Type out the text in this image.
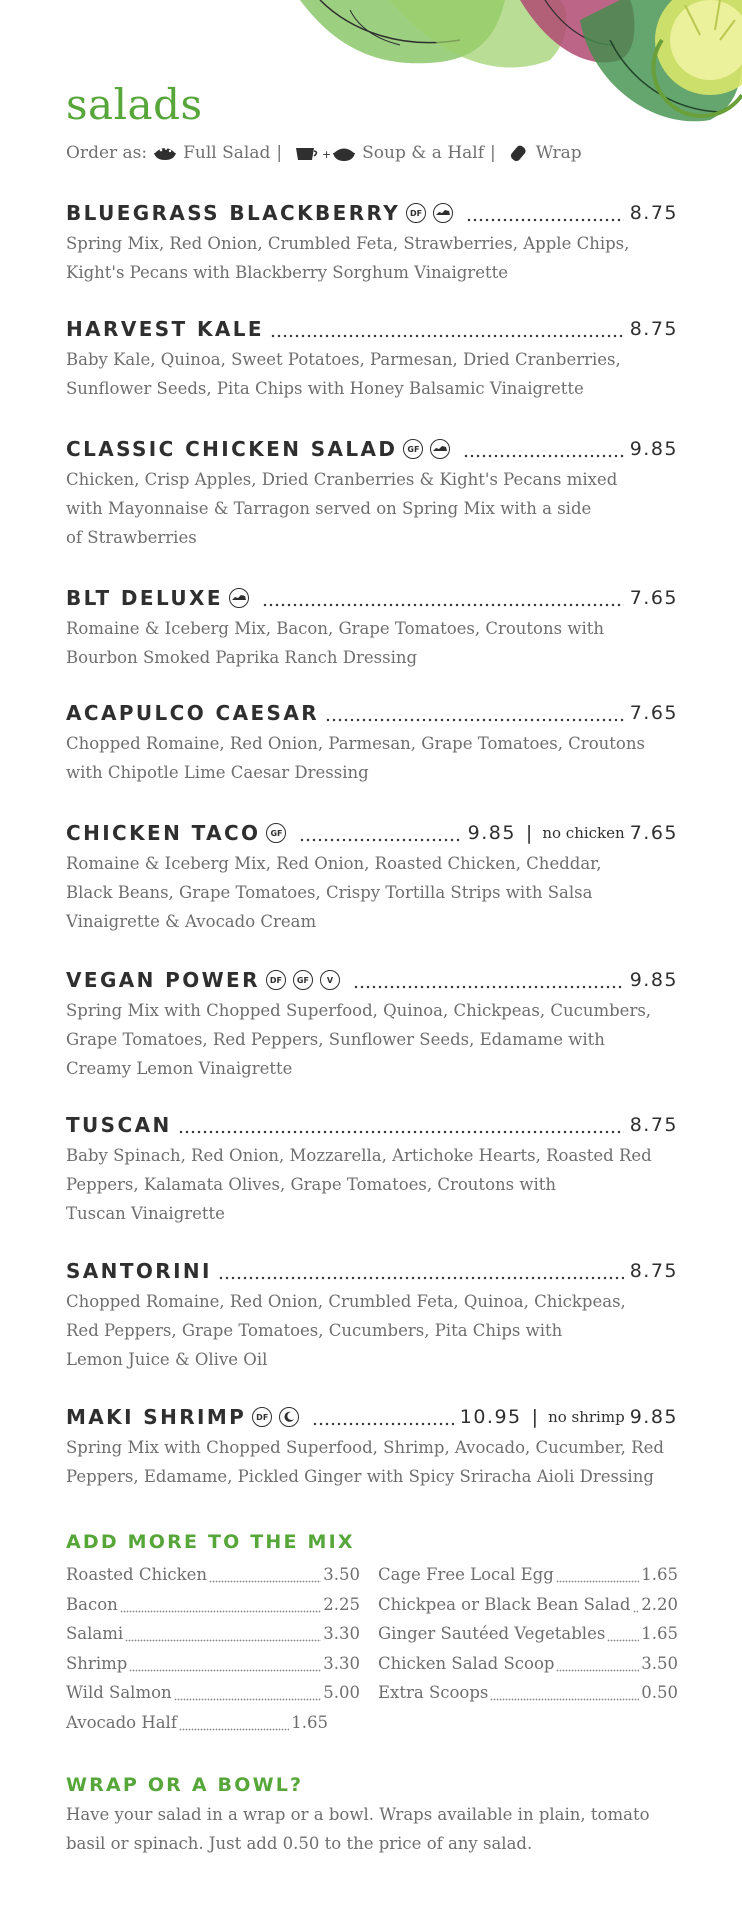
salads
Order as: Full Salad |	+ Soup & a Half | Wrap
BLUEGRASS BLACKBERRY	DF	8.75
Spring Mix, Red Onion, Crumbled Feta, Strawberries, Apple Chips,
Kight's Pecans with Blackberry Sorghum Vinaigrette
HARVEST KALE	8.75
Baby Kale, Quinoa, Sweet Potatoes, Parmesan, Dried Cranberries,
Sunflower Seeds, Pita Chips with Honey Balsamic Vinaigrette
CLASSIC CHICKEN SALAD	GF	9.85
Chicken, Crisp Apples, Dried Cranberries & Kight's Pecans mixed
with Mayonnaise & Tarragon served on Spring Mix with a side
of Strawberries
BLT DELUXE	7.65
Romaine & Iceberg Mix, Bacon, Grape Tomatoes, Croutons with
Bourbon Smoked Paprika Ranch Dressing
ACAPULCO CAESAR	7.65
Chopped Romaine, Red Onion, Parmesan, Grape Tomatoes, Croutons
with Chipotle Lime Caesar Dressing
CHICKEN TACO	GF	9.85 | no chicken 7.65
Romaine & Iceberg Mix, Red Onion, Roasted Chicken, Cheddar,
Black Beans, Grape Tomatoes, Crispy Tortilla Strips with Salsa
Vinaigrette & Avocado Cream
VEGAN POWER	DF	GF	V	9.85
Spring Mix with Chopped Superfood, Quinoa, Chickpeas, Cucumbers,
Grape Tomatoes, Red Peppers, Sunflower Seeds, Edamame with
Creamy Lemon Vinaigrette
TUSCAN	8.75
Baby Spinach, Red Onion, Mozzarella, Artichoke Hearts, Roasted Red
Peppers, Kalamata Olives, Grape Tomatoes, Croutons with
Tuscan Vinaigrette
SANTORINI	8.75
Chopped Romaine, Red Onion, Crumbled Feta, Quinoa, Chickpeas,
Red Peppers, Grape Tomatoes, Cucumbers, Pita Chips with
Lemon Juice & Olive Oil
MAKI SHRIMP	DF	10.95 | no shrimp 9.85
Spring Mix with Chopped Superfood, Shrimp, Avocado, Cucumber, Red
Peppers, Edamame, Pickled Ginger with Spicy Sriracha Aioli Dressing
ADD MORE TO THE MIX
Roasted Chicken	3.50
Bacon	2.25
Salami	3.30
Shrimp	3.30
Wild Salmon	5.00
Avocado Half	1.65
Cage Free Local Egg	1.65
Chickpea or Black Bean Salad 2.20
Ginger Sautéed Vegetables 1.65
Chicken Salad Scoop	3.50
Extra Scoops	0.50
WRAP OR A BOWL?
Have your salad in a wrap or a bowl. Wraps available in plain, tomato
basil or spinach. Just add 0.50 to the price of any salad.
